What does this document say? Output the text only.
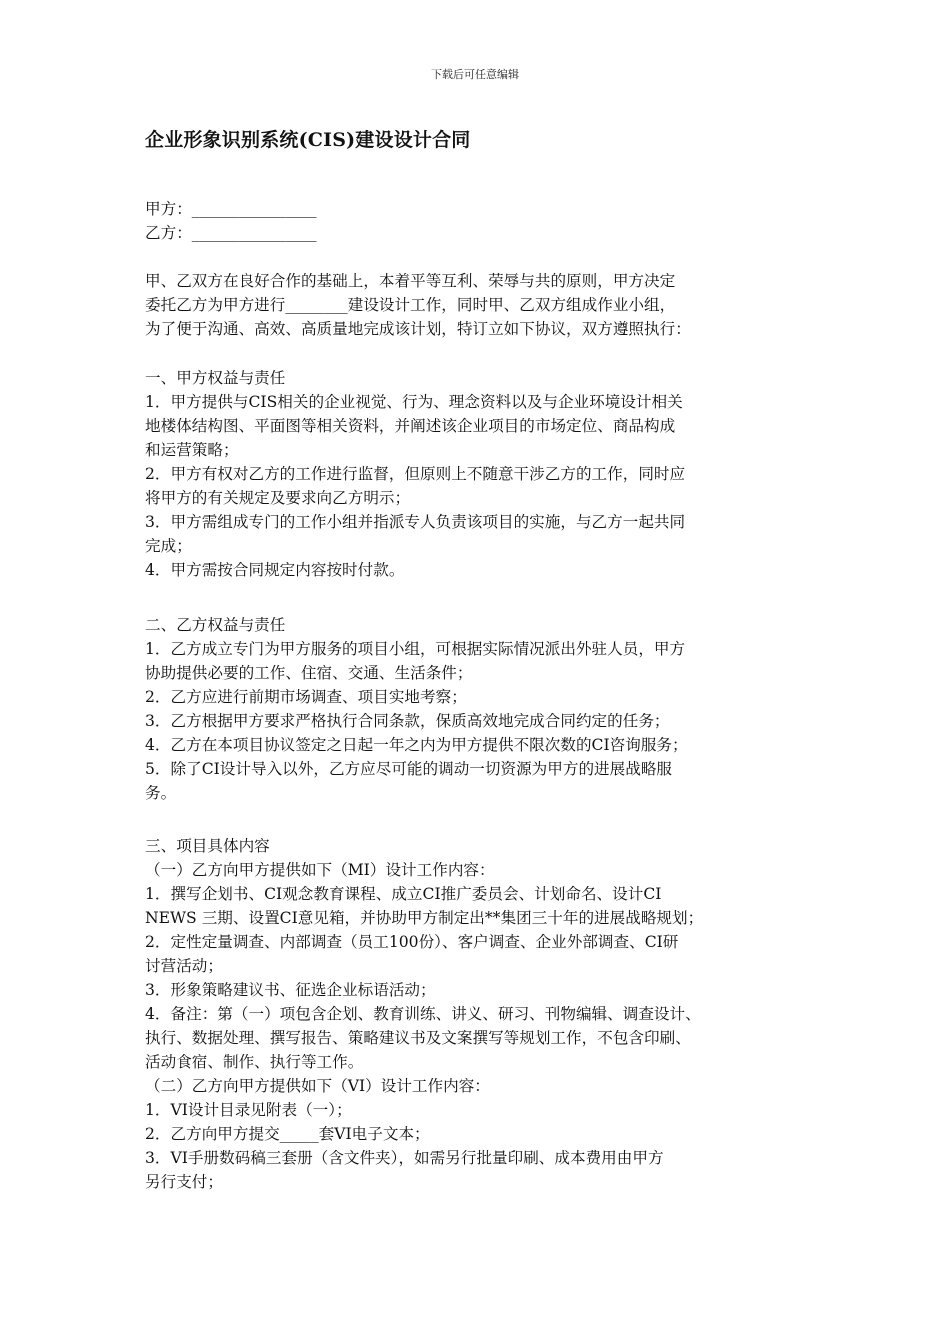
下载后可任意编辑
企业形象识别系统(CIS)建设设计合同

甲方：________________

乙方：________________

甲、乙双方在良好合作的基础上，本着平等互利、荣辱与共的原则，甲方决定

委托乙方为甲方进行________建设设计工作，同时甲、乙双方组成作业小组，

为了便于沟通、高效、高质量地完成该计划，特订立如下协议，双方遵照执行：

一、甲方权益与责任

1．甲方提供与CIS相关的企业视觉、行为、理念资料以及与企业环境设计相关

地楼体结构图、平面图等相关资料，并阐述该企业项目的市场定位、商品构成

和运营策略；

2．甲方有权对乙方的工作进行监督，但原则上不随意干涉乙方的工作，同时应

将甲方的有关规定及要求向乙方明示；

3．甲方需组成专门的工作小组并指派专人负责该项目的实施，与乙方一起共同

完成；

4．甲方需按合同规定内容按时付款。

二、乙方权益与责任

1．乙方成立专门为甲方服务的项目小组，可根据实际情况派出外驻人员，甲方

协助提供必要的工作、住宿、交通、生活条件；

2．乙方应进行前期市场调查、项目实地考察；

3．乙方根据甲方要求严格执行合同条款，保质高效地完成合同约定的任务；

4．乙方在本项目协议签定之日起一年之内为甲方提供不限次数的CI咨询服务；

5．除了CI设计导入以外，乙方应尽可能的调动一切资源为甲方的进展战略服

务。

三、项目具体内容

（一）乙方向甲方提供如下（MI）设计工作内容：

1．撰写企划书、CI观念教育课程、成立CI推广委员会、计划命名、设计CI

NEWS 三期、设置CI意见箱，并协助甲方制定出**集团三十年的进展战略规划；

2．定性定量调查、内部调查（员工100份）、客户调查、企业外部调查、CI研

讨营活动；

3．形象策略建议书、征选企业标语活动；

4．备注：第（一）项包含企划、教育训练、讲义、研习、刊物编辑、调查设计、

执行、数据处理、撰写报告、策略建议书及文案撰写等规划工作，不包含印刷、

活动食宿、制作、执行等工作。

（二）乙方向甲方提供如下（VI）设计工作内容：

1．VI设计目录见附表（一）；

2．乙方向甲方提交_____套VI电子文本；

3．VI手册数码稿三套册（含文件夹），如需另行批量印刷、成本费用由甲方

另行支付；
